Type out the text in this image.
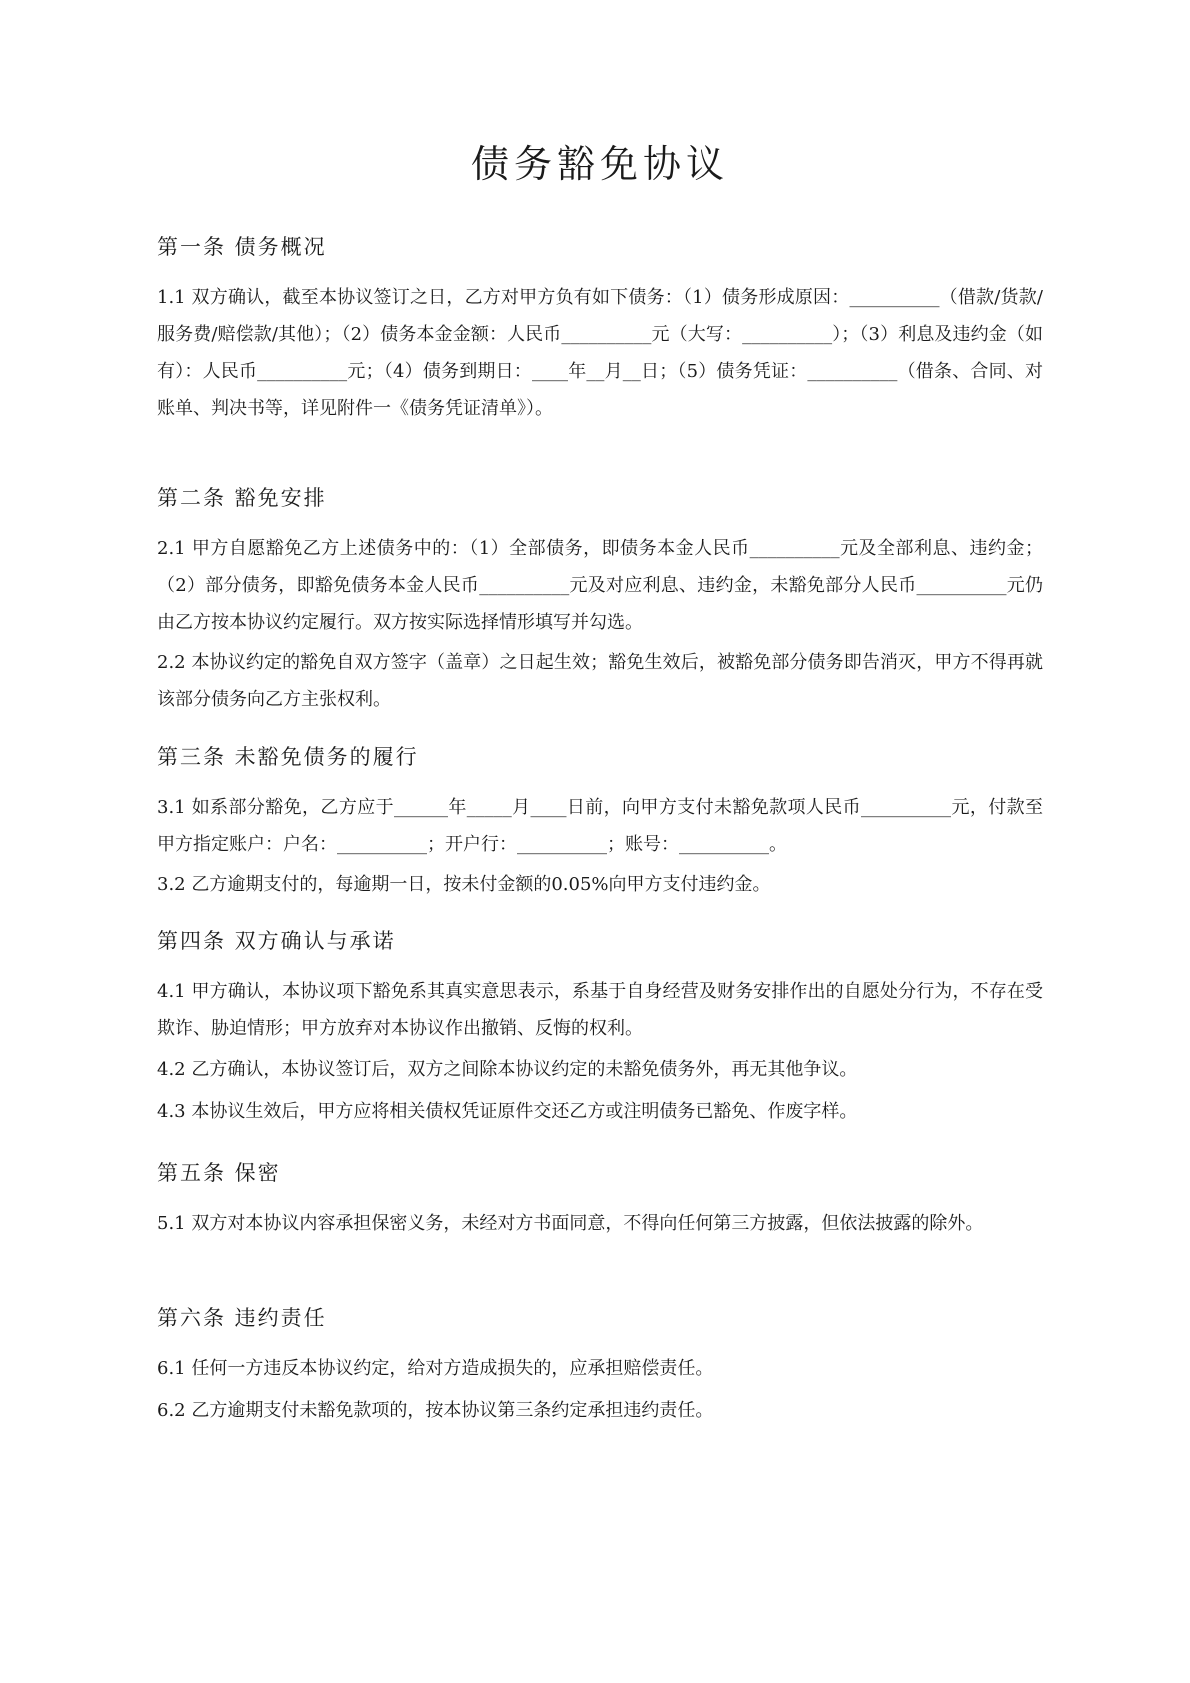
债务豁免协议
第一条 债务概况

1.1 双方确认，截至本协议签订之日，乙方对甲方负有如下债务：（1）债务形成原因：__________（借款/货款/服务费/赔偿款/其他）；（2）债务本金金额：人民币__________元（大写：__________）；（3）利息及违约金（如有）：人民币__________元；（4）债务到期日：____年__月__日；（5）债务凭证：__________（借条、合同、对账单、判决书等，详见附件一《债务凭证清单》）。

第二条 豁免安排

2.1 甲方自愿豁免乙方上述债务中的：（1）全部债务，即债务本金人民币__________元及全部利息、违约金；（2）部分债务，即豁免债务本金人民币__________元及对应利息、违约金，未豁免部分人民币__________元仍由乙方按本协议约定履行。双方按实际选择情形填写并勾选。

2.2 本协议约定的豁免自双方签字（盖章）之日起生效；豁免生效后，被豁免部分债务即告消灭，甲方不得再就该部分债务向乙方主张权利。

第三条 未豁免债务的履行

3.1 如系部分豁免，乙方应于______年_____月____日前，向甲方支付未豁免款项人民币__________元，付款至甲方指定账户：户名：__________；开户行：__________；账号：__________。

3.2 乙方逾期支付的，每逾期一日，按未付金额的0.05%向甲方支付违约金。

第四条 双方确认与承诺

4.1 甲方确认，本协议项下豁免系其真实意思表示，系基于自身经营及财务安排作出的自愿处分行为，不存在受欺诈、胁迫情形；甲方放弃对本协议作出撤销、反悔的权利。

4.2 乙方确认，本协议签订后，双方之间除本协议约定的未豁免债务外，再无其他争议。

4.3 本协议生效后，甲方应将相关债权凭证原件交还乙方或注明债务已豁免、作废字样。

第五条 保密

5.1 双方对本协议内容承担保密义务，未经对方书面同意，不得向任何第三方披露，但依法披露的除外。

第六条 违约责任

6.1 任何一方违反本协议约定，给对方造成损失的，应承担赔偿责任。

6.2 乙方逾期支付未豁免款项的，按本协议第三条约定承担违约责任。
